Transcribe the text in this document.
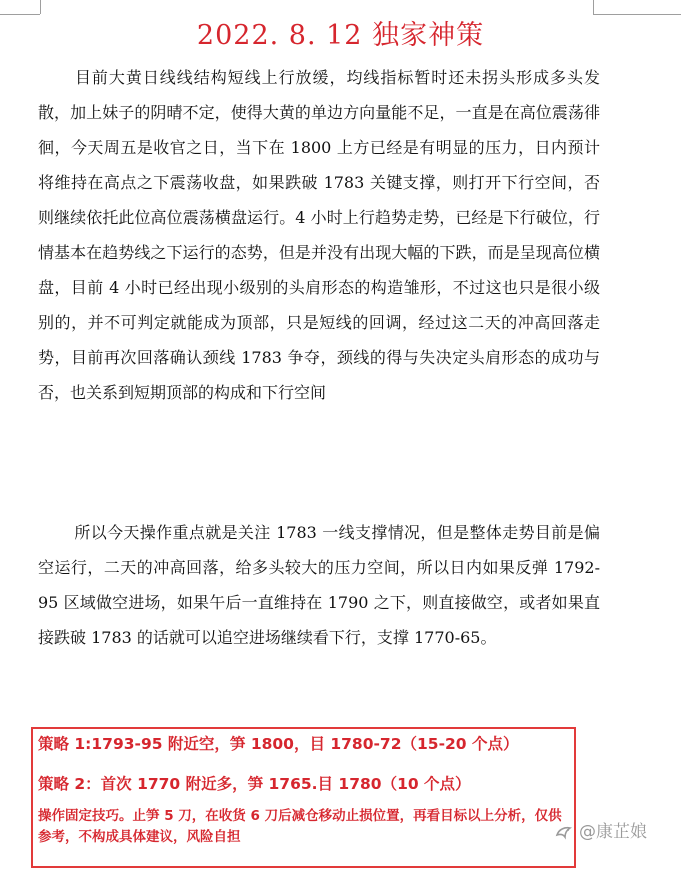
2022. 8. 12 独家神策

目前大黄日线线结构短线上行放缓，均线指标暂时还未拐头形成多头发散，加上妹子的阴晴不定，使得大黄的单边方向量能不足，一直是在高位震荡徘徊，今天周五是收官之日，当下在 1800 上方已经是有明显的压力，日内预计将维持在高点之下震荡收盘，如果跌破 1783 关键支撑，则打开下行空间，否则继续依托此位高位震荡横盘运行。4 小时上行趋势走势，已经是下行破位，行情基本在趋势线之下运行的态势，但是并没有出现大幅的下跌，而是呈现高位横盘，目前 4 小时已经出现小级别的头肩形态的构造雏形，不过这也只是很小级别的，并不可判定就能成为顶部，只是短线的回调，经过这二天的冲高回落走势，目前再次回落确认颈线 1783 争夺，颈线的得与失决定头肩形态的成功与否，也关系到短期顶部的构成和下行空间

所以今天操作重点就是关注 1783 一线支撑情况，但是整体走势目前是偏空运行，二天的冲高回落，给多头较大的压力空间，所以日内如果反弹 1792-95 区域做空进场，如果午后一直维持在 1790 之下，则直接做空，或者如果直接跌破 1783 的话就可以追空进场继续看下行，支撑 1770-65。

策略 1:1793-95 附近空，笋 1800，目 1780-72（15-20 个点）

策略 2：首次 1770 附近多，笋 1765.目 1780（10 个点）

操作固定技巧。止笋 5 刀，在收货 6 刀后减仓移动止损位置，再看目标以上分析，仅供参考，不构成具体建议，风险自担	@康芷娘
